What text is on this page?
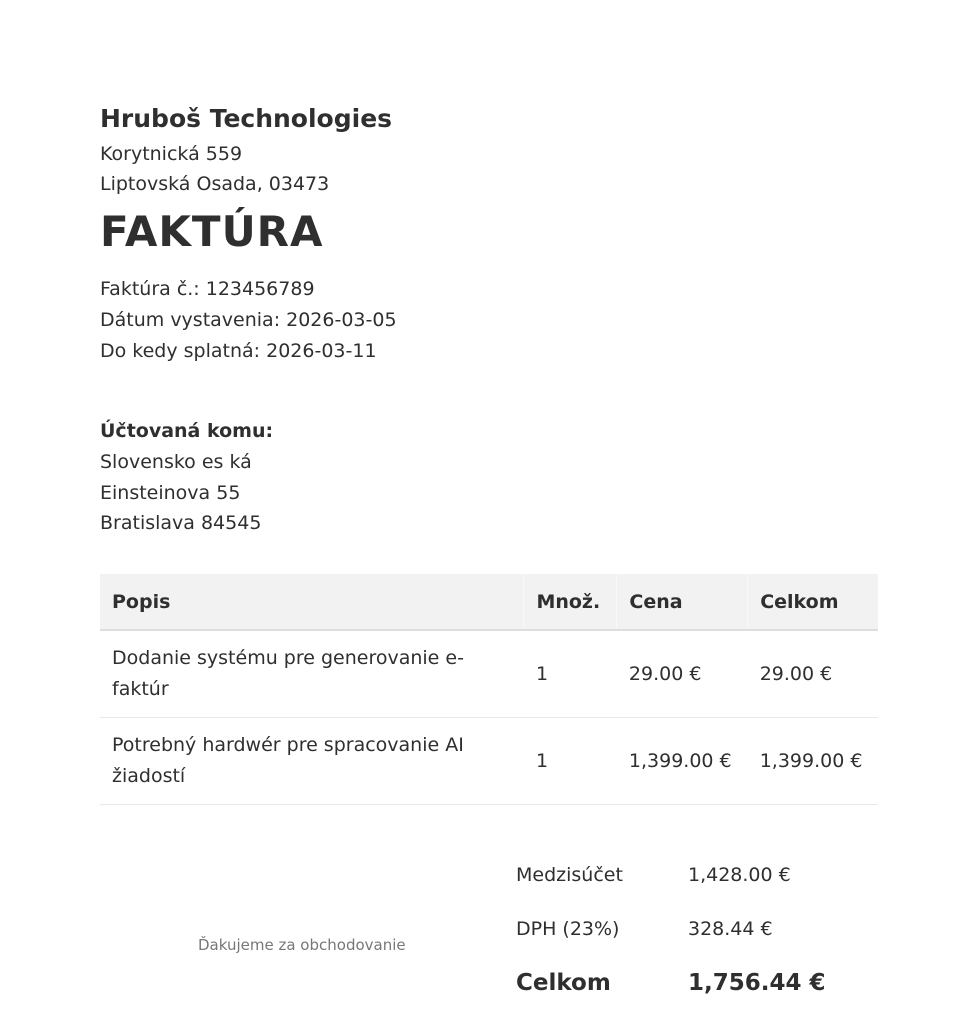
Hruboš Technologies
Korytnická 559
Liptovská Osada, 03473
FAKTÚRA
Faktúra č.: 123456789
Dátum vystavenia: 2026-03-05
Do kedy splatná: 2026-03-11
Účtovaná komu:
Slovensko es ká
Einsteinova 55
Bratislava 84545
Popis	Množ.	Cena	Celkom
Dodanie systému pre generovanie e-faktúr	1	29.00 €	29.00 €
Potrebný hardwér pre spracovanie AI žiadostí	1	1,399.00 €	1,399.00 €
Ďakujeme za obchodovanie
Medzisúčet	1,428.00 €
DPH (23%)	328.44 €
Celkom	1,756.44 €
